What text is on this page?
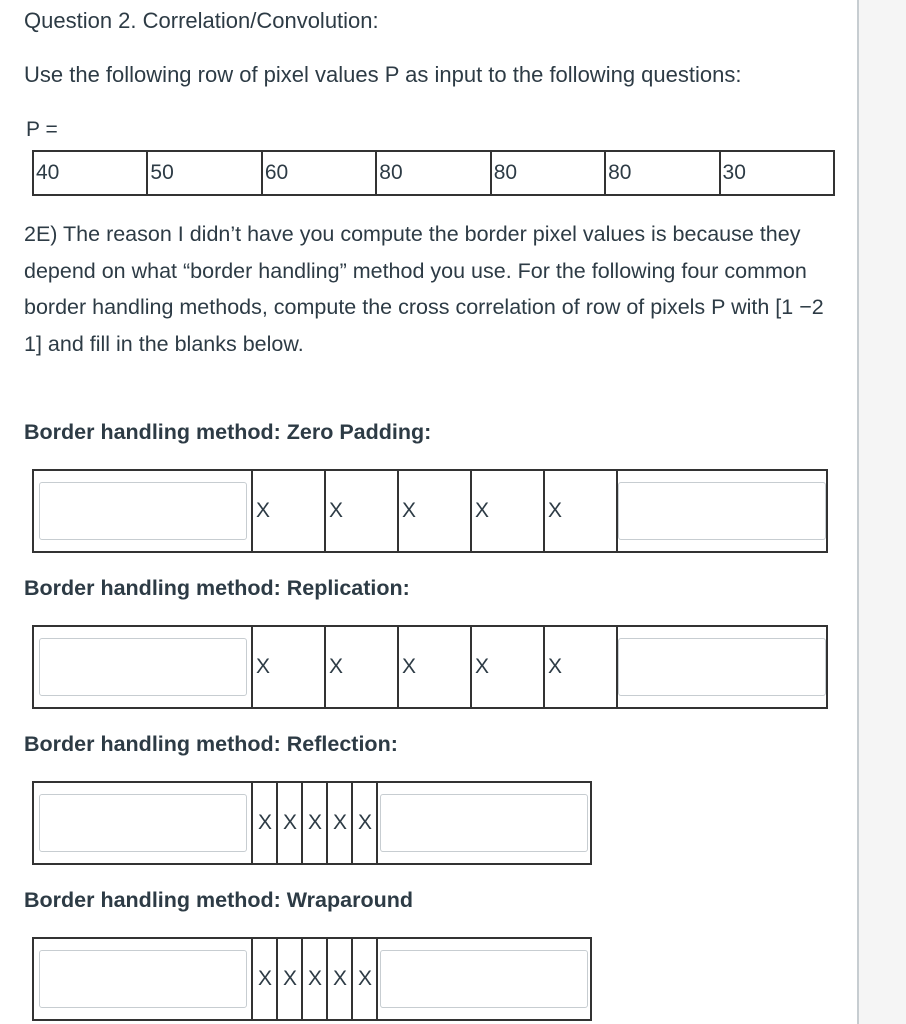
Question 2. Correlation/Convolution:
Use the following row of pixel values P as input to the following questions:
P =
40	50	60	80	80	80	30
2E) The reason I didn’t have you compute the border pixel values is because they depend on what “border handling” method you use. For the following four common border handling methods, compute the cross correlation of row of pixels P with [1 −2 1] and fill in the blanks below.
Border handling method: Zero Padding:
	X	X	X	X	X	
Border handling method: Replication:
	X	X	X	X	X	
Border handling method: Reflection:
	X	X	X	X	X	
Border handling method: Wraparound
	X	X	X	X	X	
